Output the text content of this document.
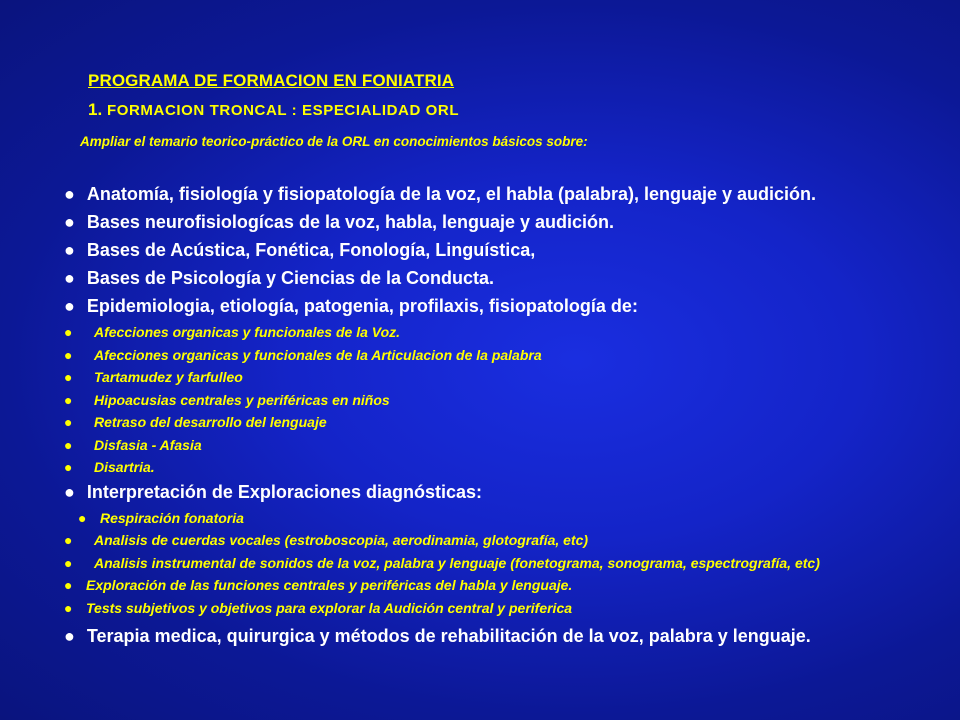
PROGRAMA DE FORMACION EN FONIATRIA
1. FORMACION TRONCAL : ESPECIALIDAD ORL
Ampliar el temario teorico-práctico de la ORL en conocimientos básicos sobre:

● Anatomía, fisiología y fisiopatología de la voz, el habla (palabra), lenguaje y audición.

● Bases neurofisiologícas de la voz, habla, lenguaje y audición.

● Bases de Acústica, Fonética, Fonología, Linguística,

● Bases de Psicología y Ciencias de la Conducta.

● Epidemiologia, etiología, patogenia, profilaxis, fisiopatología de:

● Afecciones organicas y funcionales de la Voz.

● Afecciones organicas y funcionales de la Articulacion de la palabra

● Tartamudez y farfulleo

● Hipoacusias centrales y periféricas en niños

● Retraso del desarrollo del lenguaje

● Disfasia - Afasia

● Disartria.

● Interpretación de Exploraciones diagnósticas:

● Respiración fonatoria

● Analisis de cuerdas vocales (estroboscopia, aerodinamia, glotografía, etc)

● Analisis instrumental de sonidos de la voz, palabra y lenguaje (fonetograma, sonograma, espectrografía, etc)

● Exploración de las funciones centrales y periféricas del habla y lenguaje.

● Tests subjetivos y objetivos para explorar la Audición central y periferica

● Terapia medica, quirurgica y métodos de rehabilitación de la voz, palabra y lenguaje.
